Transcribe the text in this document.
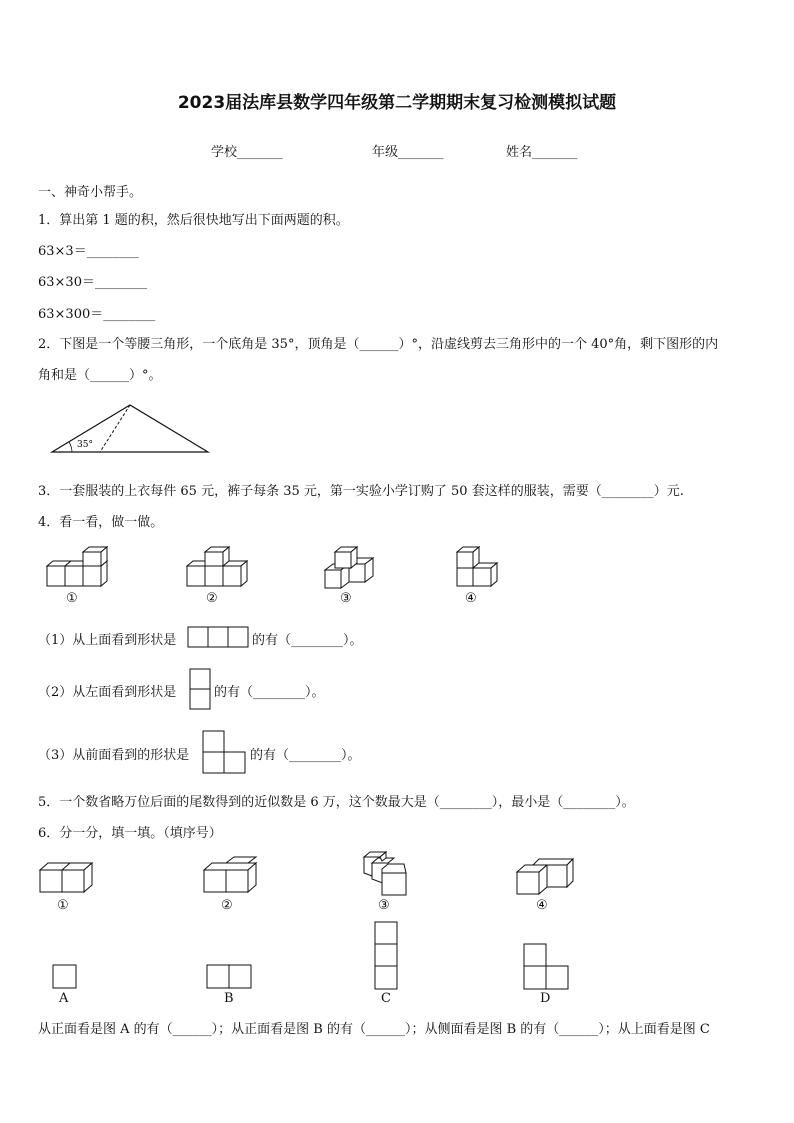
2023届法库县数学四年级第二学期期末复习检测模拟试题
学校_______	年级_______	姓名_______
一、神奇小帮手。
1．算出第 1 题的积，然后很快地写出下面两题的积。
63×3＝________
63×30＝________
63×300＝________
2．下图是一个等腰三角形，一个底角是 35°，顶角是（______）°，沿虚线剪去三角形中的一个 40°角，剩下图形的内
角和是（______）°。
35°
3．一套服装的上衣每件 65 元，裤子每条 35 元，第一实验小学订购了 50 套这样的服装，需要（________）元.
4．看一看，做一做。
①	②	③	④
（1）从上面看到形状是	的有（________）。
（2）从左面看到形状是	的有（________）。
（3）从前面看到的形状是	的有（________）。
5．一个数省略万位后面的尾数得到的近似数是 6 万，这个数最大是（________），最小是（________）。
6．分一分，填一填。（填序号）
①	②	③	④
A	B	C	D
从正面看是图 A 的有（______）；从正面看是图 B 的有（______）；从侧面看是图 B 的有（______）；从上面看是图 C
